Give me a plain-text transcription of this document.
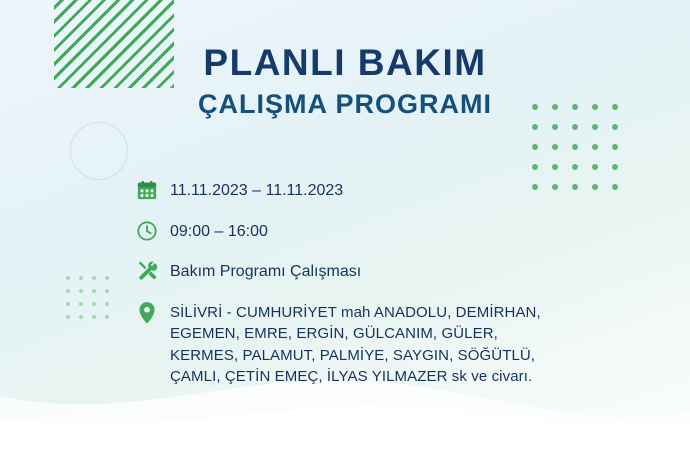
PLANLI BAKIM
ÇALIŞMA PROGRAMI
11.11.2023 – 11.11.2023
09:00 – 16:00
Bakım Programı Çalışması
SİLİVRİ - CUMHURİYET mah ANADOLU, DEMİRHAN, EGEMEN, EMRE, ERGİN, GÜLCANIM, GÜLER, KERMES, PALAMUT, PALMİYE, SAYGIN, SÖĞÜTLÜ, ÇAMLI, ÇETİN EMEÇ, İLYAS YILMAZER sk ve civarı.
